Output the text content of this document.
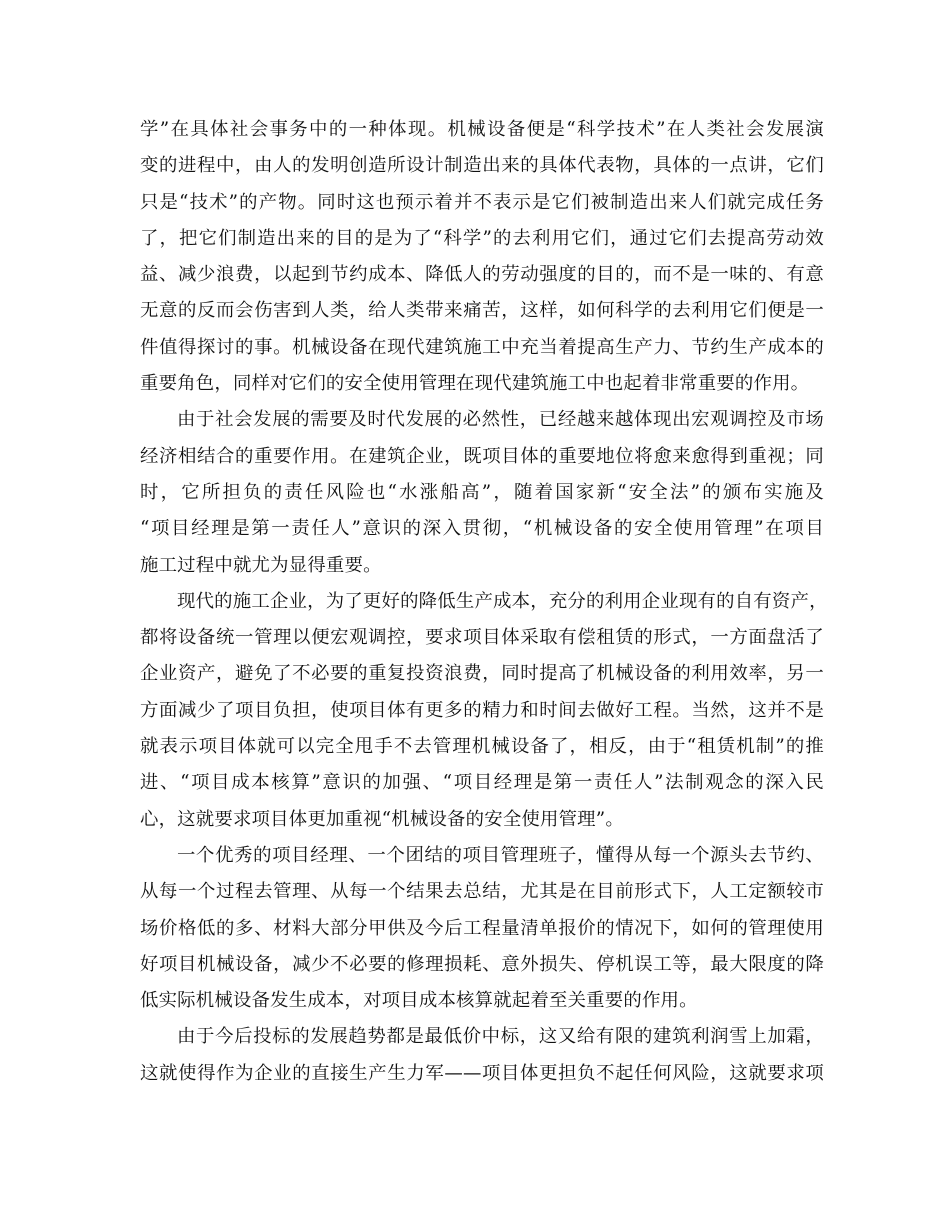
学”在具体社会事务中的一种体现。机械设备便是“科学技术”在人类社会发展演
变的进程中，由人的发明创造所设计制造出来的具体代表物，具体的一点讲，它们
只是“技术”的产物。同时这也预示着并不表示是它们被制造出来人们就完成任务
了，把它们制造出来的目的是为了“科学”的去利用它们，通过它们去提高劳动效
益、减少浪费，以起到节约成本、降低人的劳动强度的目的，而不是一味的、有意
无意的反而会伤害到人类，给人类带来痛苦，这样，如何科学的去利用它们便是一
件值得探讨的事。机械设备在现代建筑施工中充当着提高生产力、节约生产成本的
重要角色，同样对它们的安全使用管理在现代建筑施工中也起着非常重要的作用。

由于社会发展的需要及时代发展的必然性，已经越来越体现出宏观调控及市场
经济相结合的重要作用。在建筑企业，既项目体的重要地位将愈来愈得到重视；同
时，它所担负的责任风险也“水涨船高”，随着国家新“安全法”的颁布实施及
“项目经理是第一责任人”意识的深入贯彻，“机械设备的安全使用管理”在项目
施工过程中就尤为显得重要。

现代的施工企业，为了更好的降低生产成本，充分的利用企业现有的自有资产，
都将设备统一管理以便宏观调控，要求项目体采取有偿租赁的形式，一方面盘活了
企业资产，避免了不必要的重复投资浪费，同时提高了机械设备的利用效率，另一
方面减少了项目负担，使项目体有更多的精力和时间去做好工程。当然，这并不是
就表示项目体就可以完全甩手不去管理机械设备了，相反，由于“租赁机制”的推
进、“项目成本核算”意识的加强、“项目经理是第一责任人”法制观念的深入民
心，这就要求项目体更加重视“机械设备的安全使用管理”。

一个优秀的项目经理、一个团结的项目管理班子，懂得从每一个源头去节约、
从每一个过程去管理、从每一个结果去总结，尤其是在目前形式下，人工定额较市
场价格低的多、材料大部分甲供及今后工程量清单报价的情况下，如何的管理使用
好项目机械设备，减少不必要的修理损耗、意外损失、停机误工等，最大限度的降
低实际机械设备发生成本，对项目成本核算就起着至关重要的作用。

由于今后投标的发展趋势都是最低价中标，这又给有限的建筑利润雪上加霜，
这就使得作为企业的直接生产生力军——项目体更担负不起任何风险，这就要求项
